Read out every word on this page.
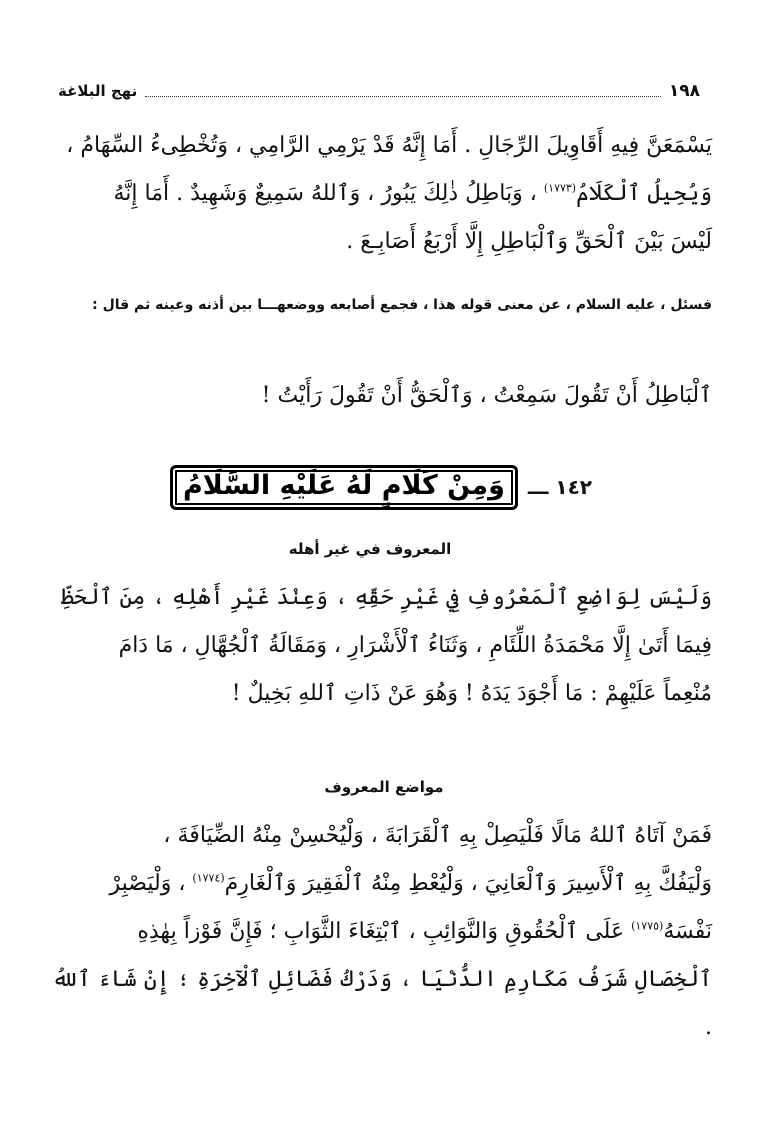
١٩٨
نهج البلاغة
يَسْمَعَنَّ فِيهِ أَقَاوِيلَ الرِّجَالِ . أَمَا إِنَّهُ قَدْ يَرْمِي الرَّامِي ، وَتُخْطِىءُ السِّهَامُ ،
وَيُحِيلُ ٱلْكَلَامُ$^{(١٧٧٣)}$ ، وَبَاطِلُ ذٰلِكَ يَبُورُ ، وَٱللهُ سَمِيعٌ وَشَهِيدٌ . أَمَا إِنَّهُ
لَيْسَ بَيْنَ ٱلْحَقِّ وَٱلْبَاطِلِ إِلَّا أَرْبَعُ أَصَابِـعَ .
فسئل ، عليه السلام ، عن معنى قوله هذا ، فجمع أصابعه ووضعهـــا بين أذنه وعينه ثم قال :
ٱلْبَاطِلُ أَنْ تَقُولَ سَمِعْتُ ، وَٱلْحَقُّ أَنْ تَقُولَ رَأَيْتُ !
١٤٢ ـــ
وَمِنْ كَلَامٍ لَهُ عَلَيْهِ السَّلَامُ
المعروف في غير أهله
وَلَيْسَ لِوَاضِعِ ٱلْمَعْرُوفِ فِي غَيْرِ حَقِّهِ ، وَعِنْدَ غَيْرِ أَهْلِهِ ، مِنَ ٱلْحَظِّ
فِيمَا أَتَىٰ إِلَّا مَحْمَدَةُ اللِّئَامِ ، وَثَنَاءُ ٱلْأَشْرَارِ ، وَمَقَالَةُ ٱلْجُهَّالِ ، مَا دَامَ
مُنْعِماً عَلَيْهِمْ : مَا أَجْوَدَ يَدَهُ ! وَهُوَ عَنْ ذَاتِ ٱللهِ بَخِيلٌ !
مواضع المعروف
فَمَنْ آتَاهُ ٱللهُ مَالًا فَلْيَصِلْ بِهِ ٱلْقَرَابَةَ ، وَلْيُحْسِنْ مِنْهُ الضِّيَافَةَ ،
وَلْيَفُكَّ بِهِ ٱلْأَسِيرَ وَٱلْعَانِيَ ، وَلْيُعْطِ مِنْهُ ٱلْفَقِيرَ وَٱلْغَارِمَ$^{(١٧٧٤)}$ ، وَلْيَصْبِرْ
نَفْسَهُ$^{(١٧٧٥)}$ عَلَى ٱلْحُقُوقِ وَالنَّوَائِبِ ، ٱبْتِغَاءَ الثَّوَابِ ؛ فَإِنَّ فَوْزاً بِهٰذِهِ
ٱلْخِصَالِ شَرَفُ مَكَارِمِ الدُّنْيَا ، وَدَرْكُ فَضَائِلِ ٱلْآخِرَةِ ؛ إِنْ شَاءَ ٱللهُ .
